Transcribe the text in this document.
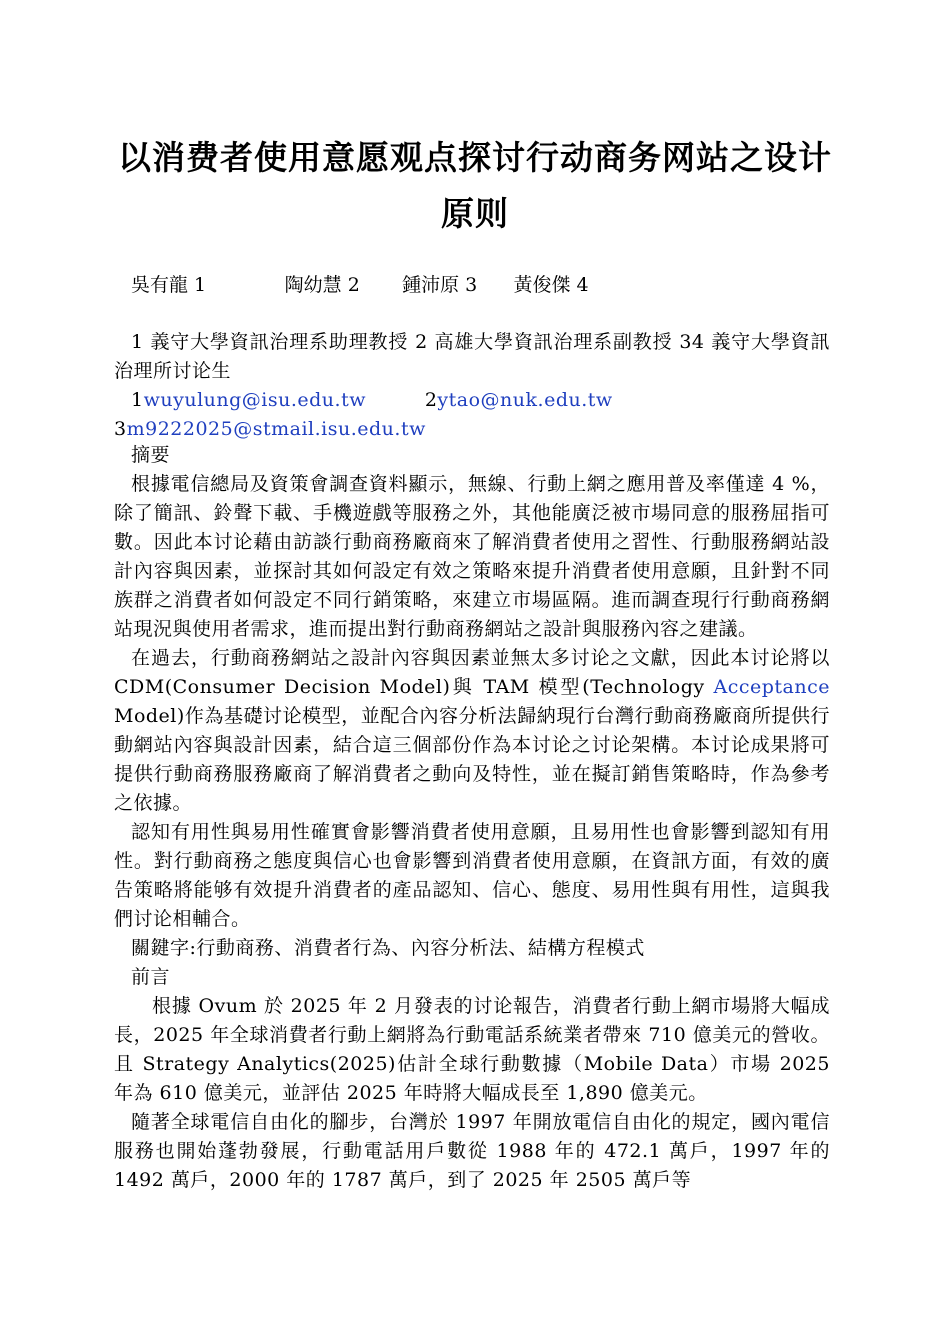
以消费者使用意愿观点探讨行动商务网站之设计原则
吳有龍 1	陶幼慧 2 鍾沛原 3 黃俊傑 4

1 義守大學資訊治理系助理教授 2 高雄大學資訊治理系副教授 34 義守大學資訊治理所讨论生

1wuyulung@isu.edu.tw	2ytao@nuk.edu.tw

3m9222025@stmail.isu.edu.tw

摘要

根據電信總局及資策會調查資料顯示，無線、行動上網之應用普及率僅達 4 %，除了簡訊、鈴聲下載、手機遊戲等服務之外，其他能廣泛被市場同意的服務屈指可數。因此本讨论藉由訪談行動商務廠商來了解消費者使用之習性、行動服務網站設計內容與因素，並探討其如何設定有效之策略來提升消費者使用意願，且針對不同族群之消費者如何設定不同行銷策略，來建立市場區隔。進而調查現行行動商務網站現況與使用者需求，進而提出對行動商務網站之設計與服務內容之建議。

在過去，行動商務網站之設計內容與因素並無太多讨论之文獻，因此本讨论將以 CDM(Consumer Decision Model)與 TAM 模型(Technology Acceptance Model)作為基礎讨论模型，並配合內容分析法歸納現行台灣行動商務廠商所提供行動網站內容與設計因素，結合這三個部份作為本讨论之讨论架構。本讨论成果將可提供行動商務服務廠商了解消費者之動向及特性，並在擬訂銷售策略時，作為參考之依據。

認知有用性與易用性確實會影響消費者使用意願，且易用性也會影響到認知有用性。對行動商務之態度與信心也會影響到消費者使用意願，在資訊方面，有效的廣告策略將能够有效提升消費者的產品認知、信心、態度、易用性與有用性，這與我們讨论相輔合。

關鍵字:行動商務、消費者行為、內容分析法、結構方程模式

前言

根據 Ovum 於 2025 年 2 月發表的讨论報告，消費者行動上網市場將大幅成長，2025 年全球消費者行動上網將為行動電話系統業者帶來 710 億美元的營收。且 Strategy Analytics(2025)估計全球行動數據（Mobile Data）市場 2025 年為 610 億美元，並評估 2025 年時將大幅成長至 1,890 億美元。

隨著全球電信自由化的腳步，台灣於 1997 年開放電信自由化的規定，國內電信服務也開始蓬勃發展，行動電話用戶數從 1988 年的 472.1 萬戶，1997 年的 1492 萬戶，2000 年的 1787 萬戶，到了 2025 年 2505 萬戶等
